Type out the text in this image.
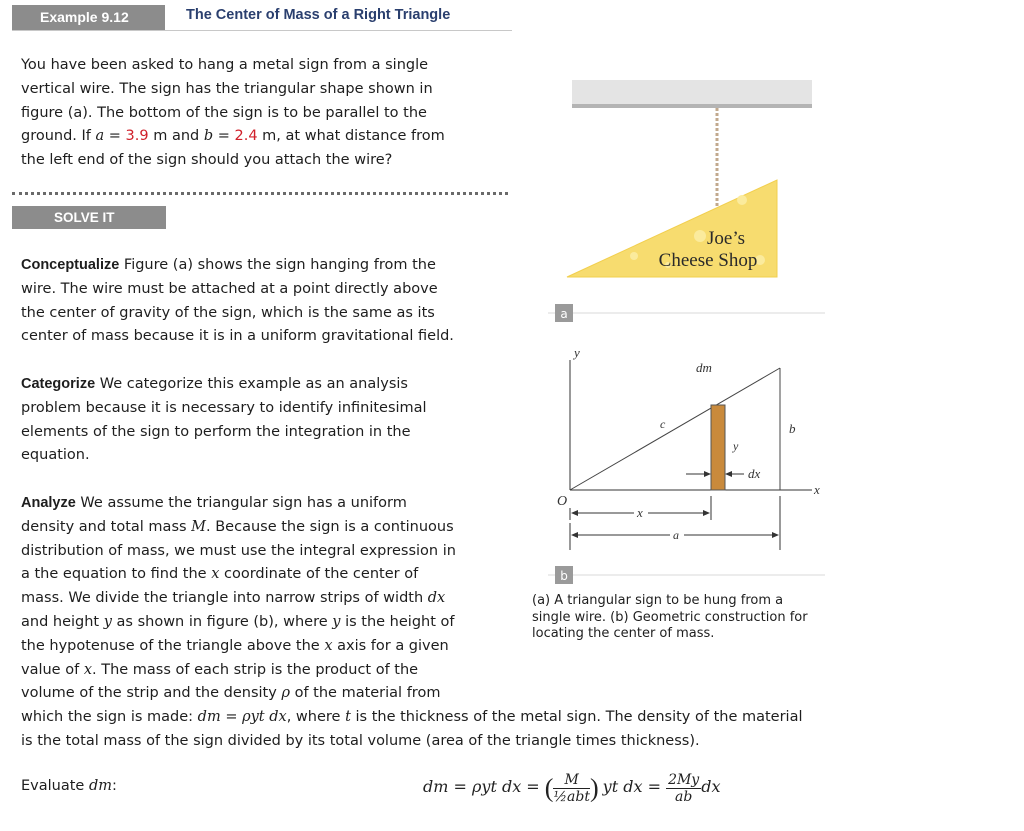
Example 9.12	The Center of Mass of a Right Triangle
You have been asked to hang a metal sign from a single
vertical wire. The sign has the triangular shape shown in
figure (a). The bottom of the sign is to be parallel to the
ground. If a = 3.9 m and b = 2.4 m, at what distance from
the left end of the sign should you attach the wire?
SOLVE IT
Conceptualize Figure (a) shows the sign hanging from the
wire. The wire must be attached at a point directly above
the center of gravity of the sign, which is the same as its
center of mass because it is in a uniform gravitational field.
Categorize We categorize this example as an analysis
problem because it is necessary to identify infinitesimal
elements of the sign to perform the integration in the
equation.
Analyze We assume the triangular sign has a uniform
density and total mass M. Because the sign is a continuous
distribution of mass, we must use the integral expression in
a the equation to find the x coordinate of the center of
mass. We divide the triangle into narrow strips of width dx
and height y as shown in figure (b), where y is the height of
the hypotenuse of the triangle above the x axis for a given
value of x. The mass of each strip is the product of the
volume of the strip and the density ρ of the material from
which the sign is made: dm = ρyt dx, where t is the thickness of the metal sign. The density of the material
is the total mass of the sign divided by its total volume (area of the triangle times thickness).
Evaluate dm:	dm = ρyt dx = ( $\frac{M}{\text{½abt}}$ ) yt dx = $\frac{2My}{ab}$ dx
Joe’s
Cheese Shop
a
y
x
O
c	b
dm
y
dx
x
a
b
(a) A triangular sign to be hung from a
single wire. (b) Geometric construction for
locating the center of mass.
